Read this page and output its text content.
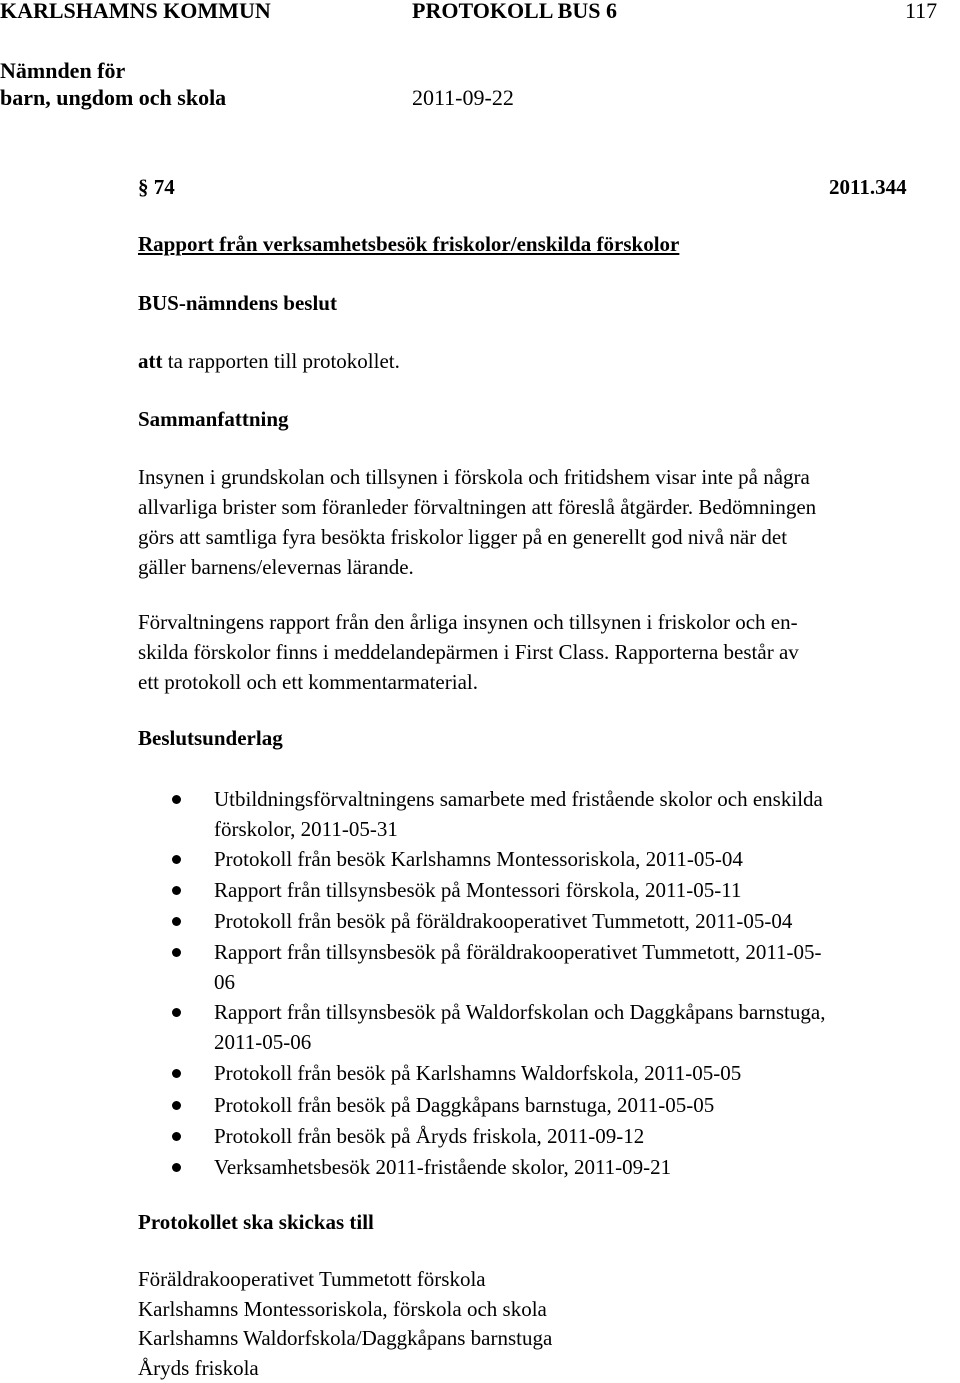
KARLSHAMNS KOMMUN	PROTOKOLL BUS 6	117
Nämnden för
barn, ungdom och skola	2011-09-22
§ 74	2011.344
Rapport från verksamhetsbesök friskolor/enskilda förskolor
BUS-nämndens beslut
att ta rapporten till protokollet.
Sammanfattning
Insynen i grundskolan och tillsynen i förskola och fritidshem visar inte på några
allvarliga brister som föranleder förvaltningen att föreslå åtgärder. Bedömningen
görs att samtliga fyra besökta friskolor ligger på en generellt god nivå när det
gäller barnens/elevernas lärande.
Förvaltningens rapport från den årliga insynen och tillsynen i friskolor och en-
skilda förskolor finns i meddelandepärmen i First Class. Rapporterna består av
ett protokoll och ett kommentarmaterial.
Beslutsunderlag
Utbildningsförvaltningens samarbete med fristående skolor och enskilda
förskolor, 2011-05-31
Protokoll från besök Karlshamns Montessoriskola, 2011-05-04
Rapport från tillsynsbesök på Montessori förskola, 2011-05-11
Protokoll från besök på föräldrakooperativet Tummetott, 2011-05-04
Rapport från tillsynsbesök på föräldrakooperativet Tummetott, 2011-05-
06
Rapport från tillsynsbesök på Waldorfskolan och Daggkåpans barnstuga,
2011-05-06
Protokoll från besök på Karlshamns Waldorfskola, 2011-05-05
Protokoll från besök på Daggkåpans barnstuga, 2011-05-05
Protokoll från besök på Åryds friskola, 2011-09-12
Verksamhetsbesök 2011-fristående skolor, 2011-09-21
Protokollet ska skickas till
Föräldrakooperativet Tummetott förskola
Karlshamns Montessoriskola, förskola och skola
Karlshamns Waldorfskola/Daggkåpans barnstuga
Åryds friskola
